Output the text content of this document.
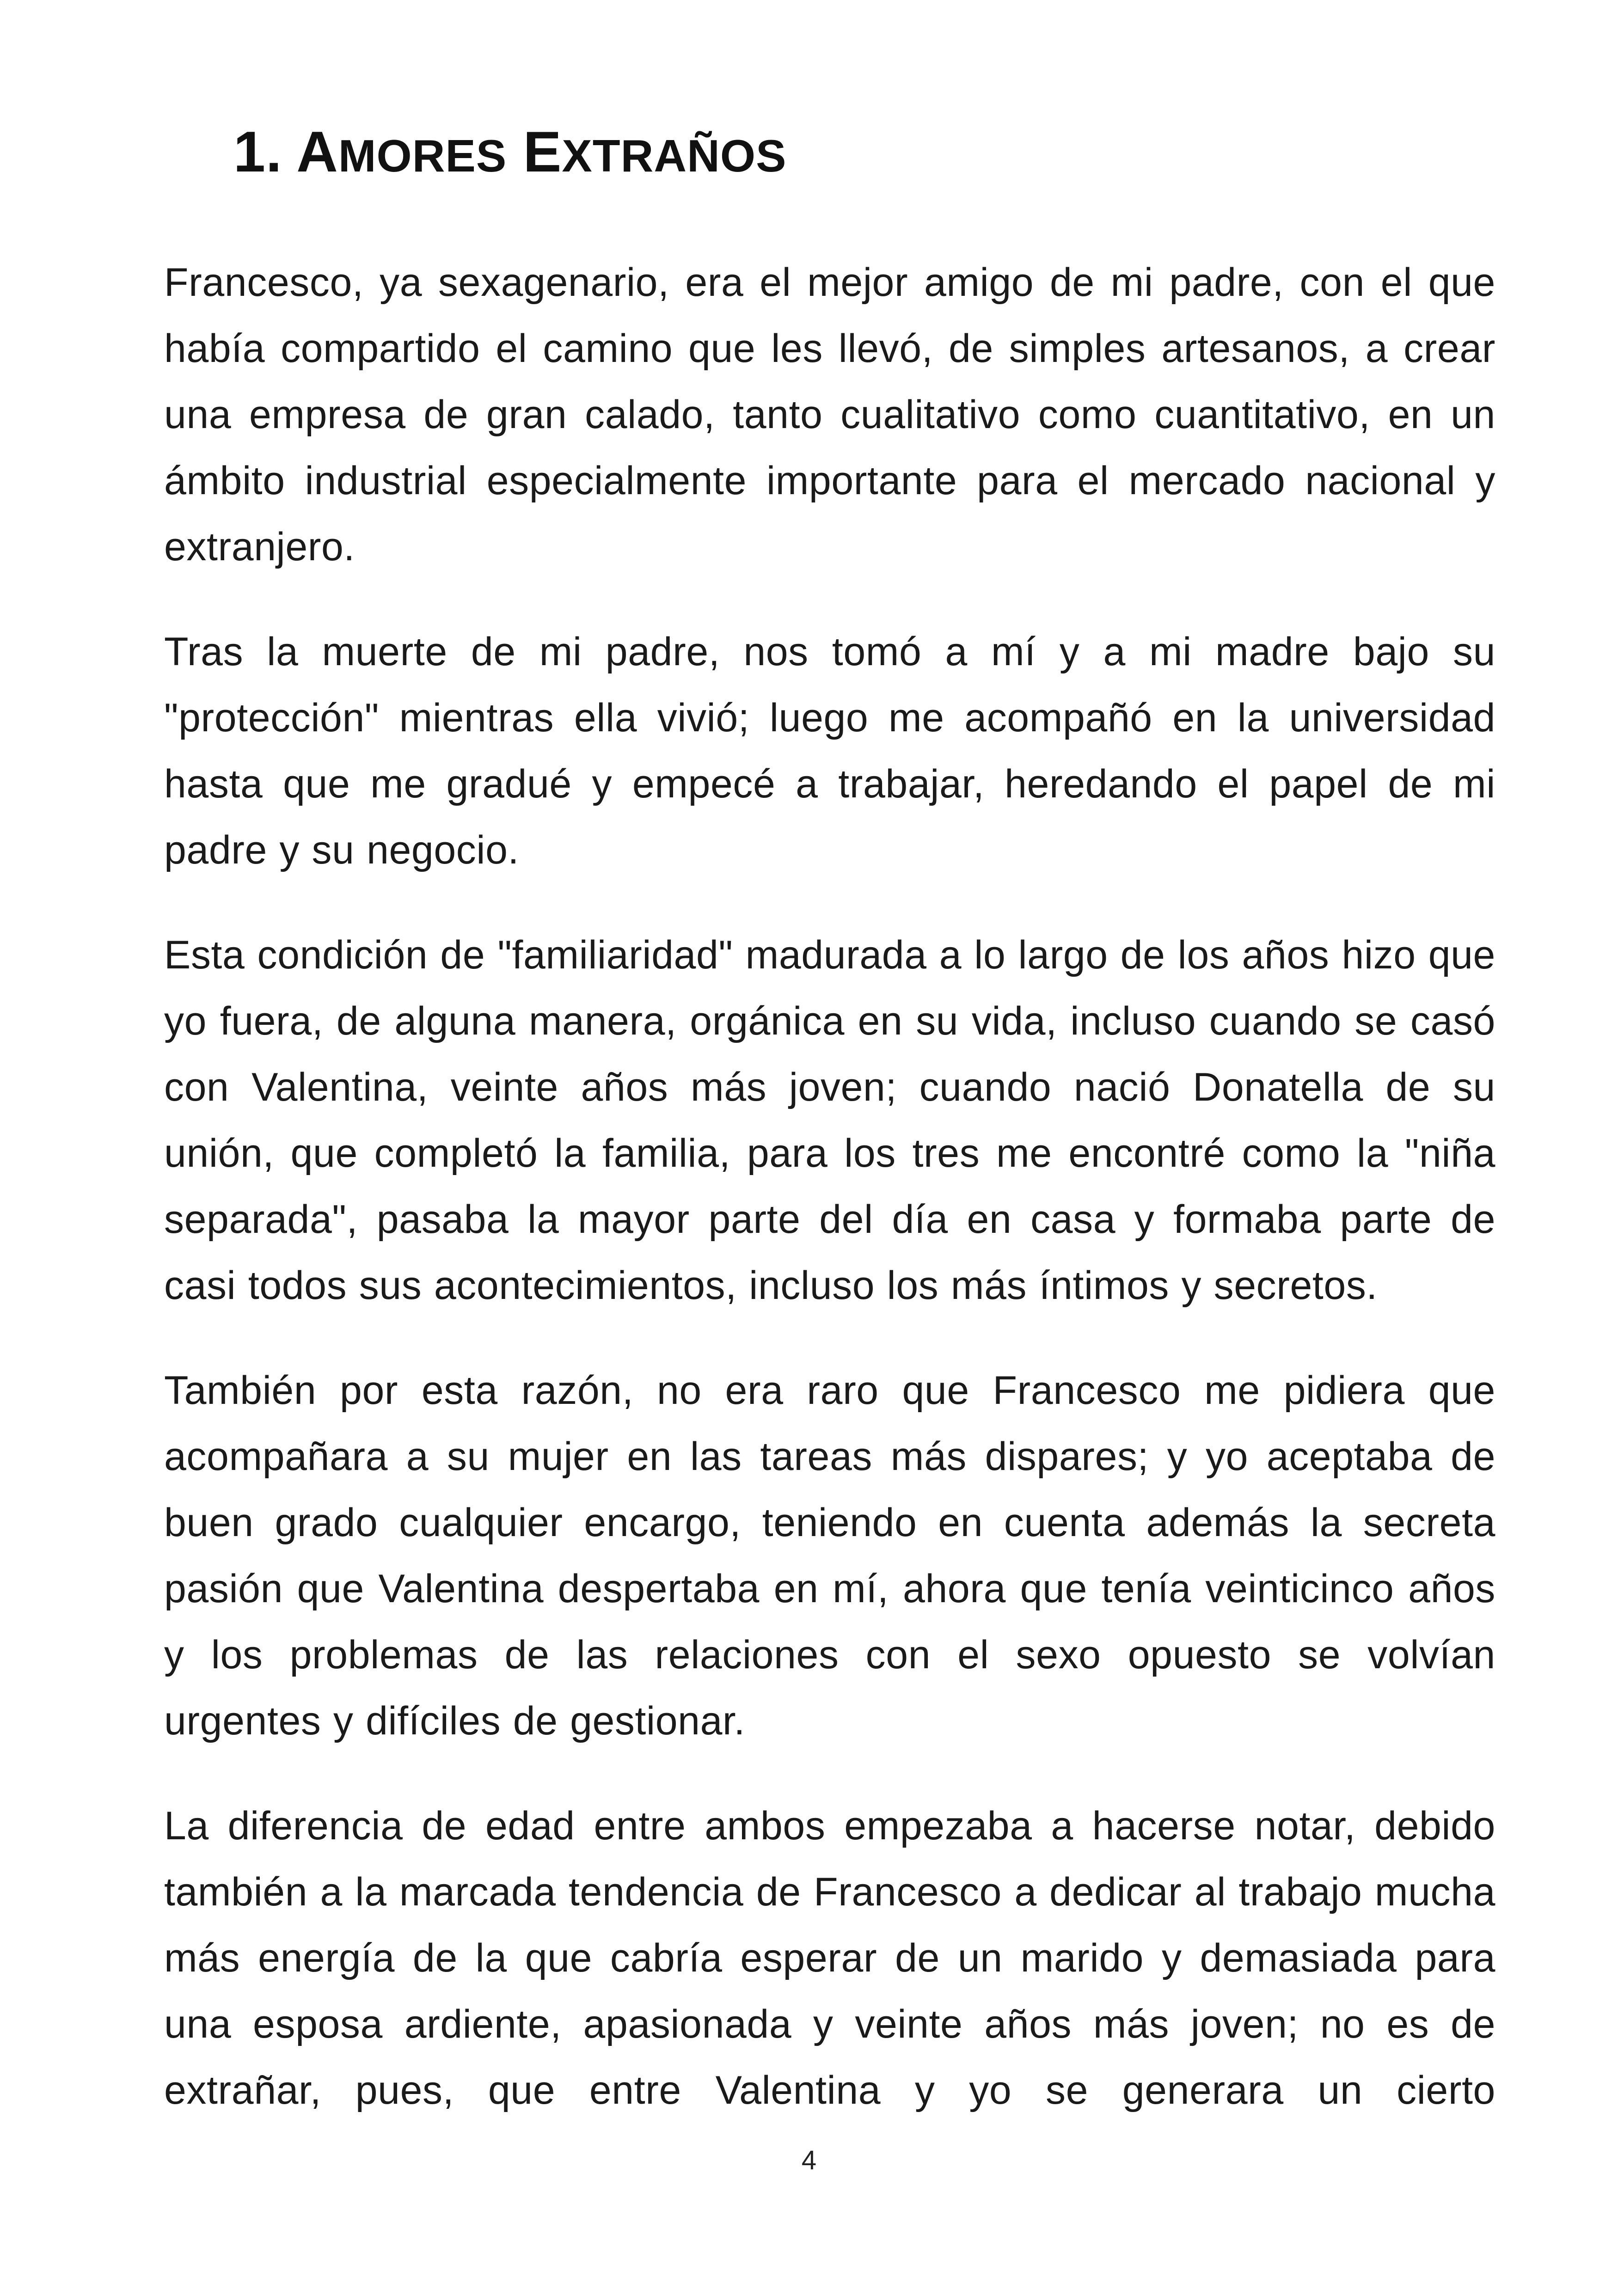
1. AMORES EXTRAÑOS

Francesco, ya sexagenario, era el mejor amigo de mi padre, con el que había compartido el camino que les llevó, de simples artesanos, a crear una empresa de gran calado, tanto cualitativo como cuantitativo, en un ámbito industrial especialmente importante para el mercado nacional y extranjero.

Tras la muerte de mi padre, nos tomó a mí y a mi madre bajo su "protección" mientras ella vivió; luego me acompañó en la universidad hasta que me gradué y empecé a trabajar, heredando el papel de mi padre y su negocio.

Esta condición de "familiaridad" madurada a lo largo de los años hizo que yo fuera, de alguna manera, orgánica en su vida, incluso cuando se casó con Valentina, veinte años más joven; cuando nació Donatella de su unión, que completó la familia, para los tres me encontré como la "niña separada", pasaba la mayor parte del día en casa y formaba parte de casi todos sus acontecimientos, incluso los más íntimos y secretos.

También por esta razón, no era raro que Francesco me pidiera que acompañara a su mujer en las tareas más dispares; y yo aceptaba de buen grado cualquier encargo, teniendo en cuenta además la secreta pasión que Valentina despertaba en mí, ahora que tenía veinticinco años y los problemas de las relaciones con el sexo opuesto se volvían urgentes y difíciles de gestionar.

La diferencia de edad entre ambos empezaba a hacerse notar, debido también a la marcada tendencia de Francesco a dedicar al trabajo mucha más energía de la que cabría esperar de un marido y demasiada para una esposa ardiente, apasionada y veinte años más joven; no es de extrañar, pues, que entre Valentina y yo se generara un cierto

4
